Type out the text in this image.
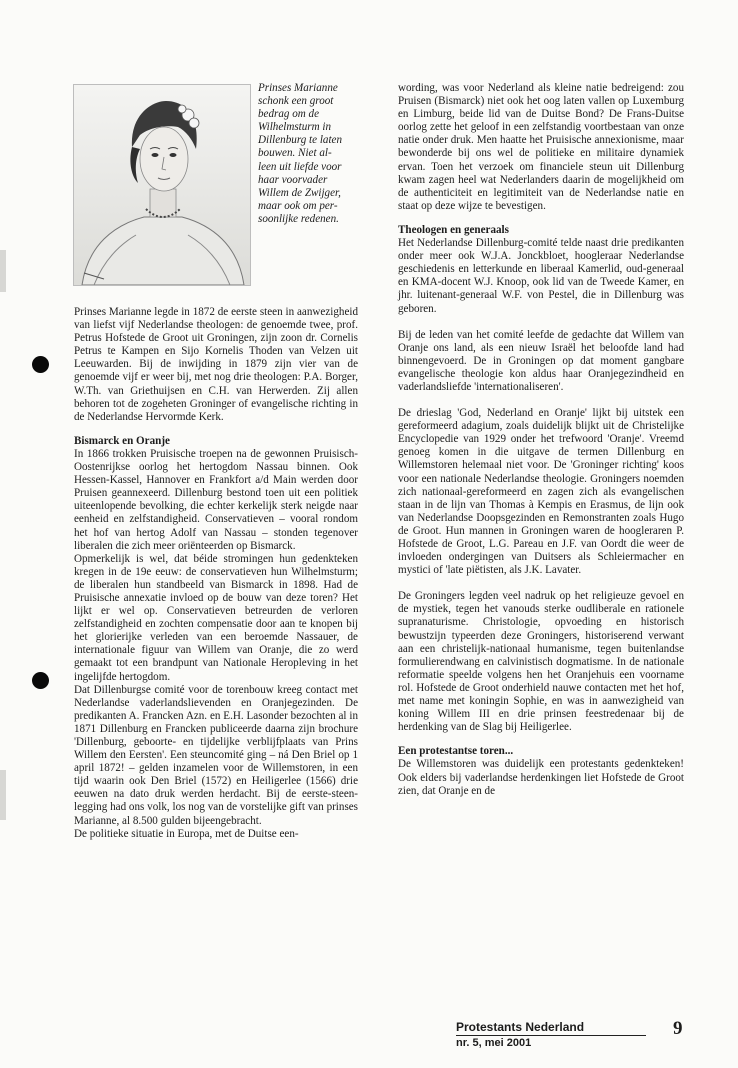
Prinses Marianne
schonk een groot
bedrag om de
Wilhelmsturm in
Dillenburg te laten
bouwen. Niet al-
leen uit liefde voor
haar voorvader
Willem de Zwijger,
maar ook om per-
soonlijke redenen.

Prinses Marianne legde in 1872 de eerste steen in aanwezigheid van liefst vijf Nederlandse theologen: de genoemde twee, prof. Petrus Hofstede de Groot uit Groningen, zijn zoon dr. Cornelis Petrus te Kampen en Sijo Kornelis Thoden van Velzen uit Leeuwarden. Bij de inwijding in 1879 zijn vier van de genoemde vijf er weer bij, met nog drie theologen: P.A. Borger, W.Th. van Griethuijsen en C.H. van Herwerden. Zij allen behoren tot de zogeheten Groninger of evangelische richting in de Nederlandse Hervormde Kerk.

Bismarck en Oranje

In 1866 trokken Pruisische troepen na de gewonnen Pruisisch-Oostenrijkse oorlog het hertogdom Nassau binnen. Ook Hessen-Kassel, Hannover en Frankfort a/d Main werden door Pruisen geannexeerd. Dillenburg bestond toen uit een politiek uiteenlopende bevolking, die echter kerkelijk sterk neigde naar eenheid en zelfstandigheid. Conservatieven – vooral rondom het hof van hertog Adolf van Nassau – stonden tegenover liberalen die zich meer oriënteerden op Bismarck.

Opmerkelijk is wel, dat béide stromingen hun gedenkteken kregen in de 19e eeuw: de conservatieven hun Wilhelmsturm; de liberalen hun standbeeld van Bismarck in 1898. Had de Pruisische annexatie invloed op de bouw van deze toren? Het lijkt er wel op. Conservatieven betreurden de verloren zelfstandigheid en zochten compensatie door aan te knopen bij het glorierijke verleden van een beroemde Nassauer, de internationale figuur van Willem van Oranje, die zo werd gemaakt tot een brandpunt van Nationale Heropleving in het ingelijfde hertogdom.

Dat Dillenburgse comité voor de torenbouw kreeg contact met Nederlandse vaderlandslievenden en Oranjegezinden. De predikanten A. Francken Azn. en E.H. Lasonder bezochten al in 1871 Dillenburg en Francken publiceerde daarna zijn brochure 'Dillenburg, geboorte- en tijdelijke verblijfplaats van Prins Willem den Eersten'. Een steuncomité ging – ná Den Briel op 1 april 1872! – gelden inzamelen voor de Willemstoren, in een tijd waarin ook Den Briel (1572) en Heiligerlee (1566) drie eeuwen na dato druk werden herdacht. Bij de eerste-steen-legging had ons volk, los nog van de vorstelijke gift van prinses Marianne, al 8.500 gulden bijeengebracht.

De politieke situatie in Europa, met de Duitse een-

wording, was voor Nederland als kleine natie bedreigend: zou Pruisen (Bismarck) niet ook het oog laten vallen op Luxemburg en Limburg, beide lid van de Duitse Bond? De Frans-Duitse oorlog zette het geloof in een zelfstandig voortbestaan van onze natie onder druk. Men haatte het Pruisische annexionisme, maar bewonderde bij ons wel de politieke en militaire dynamiek ervan. Toen het verzoek om financiele steun uit Dillenburg kwam zagen heel wat Nederlanders daarin de mogelijkheid om de authenticiteit en legitimiteit van de Nederlandse natie en staat op deze wijze te bevestigen.

Theologen en generaals

Het Nederlandse Dillenburg-comité telde naast drie predikanten onder meer ook W.J.A. Jonckbloet, hoogleraar Nederlandse geschiedenis en letterkunde en liberaal Kamerlid, oud-generaal en KMA-docent W.J. Knoop, ook lid van de Tweede Kamer, en jhr. luitenant-generaal W.F. von Pestel, die in Dillenburg was geboren.

Bij de leden van het comité leefde de gedachte dat Willem van Oranje ons land, als een nieuw Israël het beloofde land had binnengevoerd. De in Groningen op dat moment gangbare evangelische theologie kon aldus haar Oranjegezindheid en vaderlandsliefde 'internationaliseren'.

De drieslag 'God, Nederland en Oranje' lijkt bij uitstek een gereformeerd adagium, zoals duidelijk blijkt uit de Christelijke Encyclopedie van 1929 onder het trefwoord 'Oranje'. Vreemd genoeg komen in die uitgave de termen Dillenburg en Willemstoren helemaal niet voor. De 'Groninger richting' koos voor een nationale Nederlandse theologie. Groningers noemden zich nationaal-gereformeerd en zagen zich als evangelischen staan in de lijn van Thomas à Kempis en Erasmus, de lijn ook van Nederlandse Doopsgezinden en Remonstranten zoals Hugo de Groot. Hun mannen in Groningen waren de hoogleraren P. Hofstede de Groot, L.G. Pareau en J.F. van Oordt die weer de invloeden ondergingen van Duitsers als Schleiermacher en mystici of 'late piëtisten, als J.K. Lavater.

De Groningers legden veel nadruk op het religieuze gevoel en de mystiek, tegen het vanouds sterke oudliberale en rationele supranaturisme. Christologie, opvoeding en historisch bewustzijn typeerden deze Groningers, historiserend verwant aan een christelijk-nationaal humanisme, tegen buitenlandse formulierendwang en calvinistisch dogmatisme. In de nationale reformatie speelde volgens hen het Oranjehuis een voorname rol. Hofstede de Groot onderhield nauwe contacten met het hof, met name met koningin Sophie, en was in aanwezigheid van koning Willem III en drie prinsen feestredenaar bij de herdenking van de Slag bij Heiligerlee.

Een protestantse toren...

De Willemstoren was duidelijk een protestants gedenkteken! Ook elders bij vaderlandse herdenkingen liet Hofstede de Groot zien, dat Oranje en de

Protestants Nederland
nr. 5, mei 2001
9
